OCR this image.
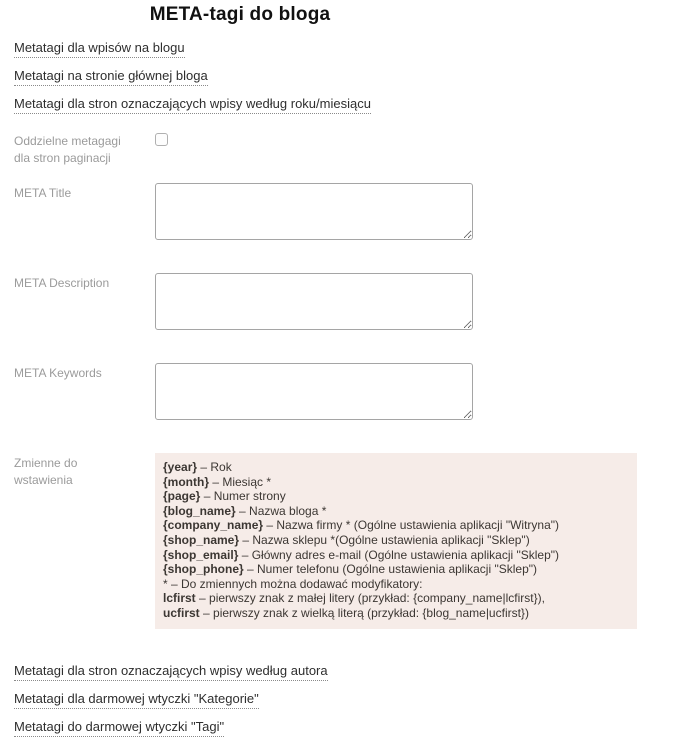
META-tagi do bloga
Metatagi dla wpisów na blogu
Metatagi na stronie głównej bloga
Metatagi dla stron oznaczających wpisy według roku/miesiącu
Oddzielne metagagi dla stron paginacji
META Title
META Description
META Keywords
Zmienne do wstawienia
{year} – Rok
{month} – Miesiąc *
{page} – Numer strony
{blog_name} – Nazwa bloga *
{company_name} – Nazwa firmy * (Ogólne ustawienia aplikacji "Witryna")
{shop_name} – Nazwa sklepu *(Ogólne ustawienia aplikacji "Sklep")
{shop_email} – Główny adres e-mail (Ogólne ustawienia aplikacji "Sklep")
{shop_phone} – Numer telefonu (Ogólne ustawienia aplikacji "Sklep")
* – Do zmiennych można dodawać modyfikatory:
lcfirst – pierwszy znak z małej litery (przykład: {company_name|lcfirst}),
ucfirst – pierwszy znak z wielką literą (przykład: {blog_name|ucfirst})
Metatagi dla stron oznaczających wpisy według autora
Metatagi dla darmowej wtyczki "Kategorie"
Metatagi do darmowej wtyczki "Tagi"
